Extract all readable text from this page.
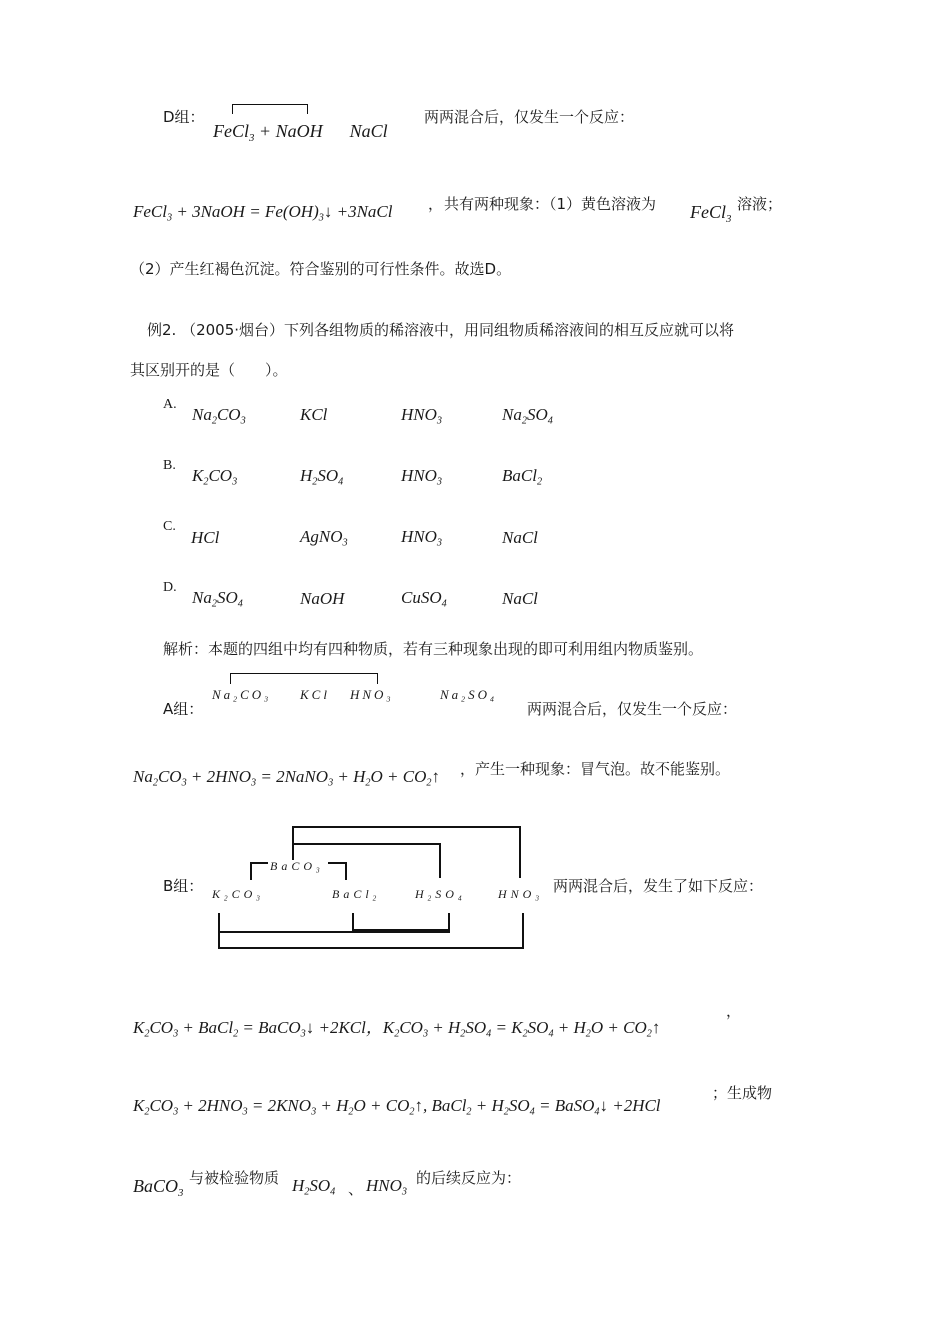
D组：
FeCl$_3$ + NaOH NaCl
两两混合后，仅发生一个反应：
FeCl$_3$ + 3NaOH = $Fe(OH)_3↓$ +3NaCl ， 共有两种现象：（1）黄色溶液为 FeCl$_3$
溶液；
（2）产生红褐色沉淀。符合鉴别的可行性条件。故选D。
例2. （2005·烟台）下列各组物质的稀溶液中，用同组物质稀溶液间的相互反应就可以将
其区别开的是（　　）。
A.
$Na_2CO_3$	KCl	$HNO_3$	$Na_2SO_4$
B.
$K_2CO_3$	$H_2SO_4$	$HNO_3$	BaCl$_2$
C.
HCl	AgNO$_3$	$HNO_3$	NaCl
D.
$Na_2SO_4$	NaOH	CuSO$_4$	NaCl
解析：本题的四组中均有四种物质，若有三种现象出现的即可利用组内物质鉴别。
A组：
$Na_2CO_3$ KCl $HNO_3$	$Na_2SO_4$
两两混合后，仅发生一个反应：
$Na_2CO_3 + 2HNO_3$ = 2NaNO$_3$ + $H_2O$ + $CO_2↑$ ，产生一种现象：冒气泡。故不能鉴别。
B组：
BaCO$_3$
$K_2CO_3$	BaCl$_2$	$H_2SO_4$	$HNO_3$
两两混合后，发生了如下反应：
$K_2CO_3$ + BaCl$_2$ = BaCO$_3$↓ +2KCl，$K_2CO_3 + H_2SO_4 = K_2SO_4 + H_2O$ + $CO_2↑$
，
$K_2CO_3 + 2HNO_3 = 2KNO_3 + H_2O$ + $CO_2↑$, BaCl$_2$ + $H_2SO_4$ = BaSO$_4$↓ +2HCl
；生成物
BaCO$_3$
与被检验物质 $H_2SO_4$ 、 $HNO_3$
的后续反应为：
